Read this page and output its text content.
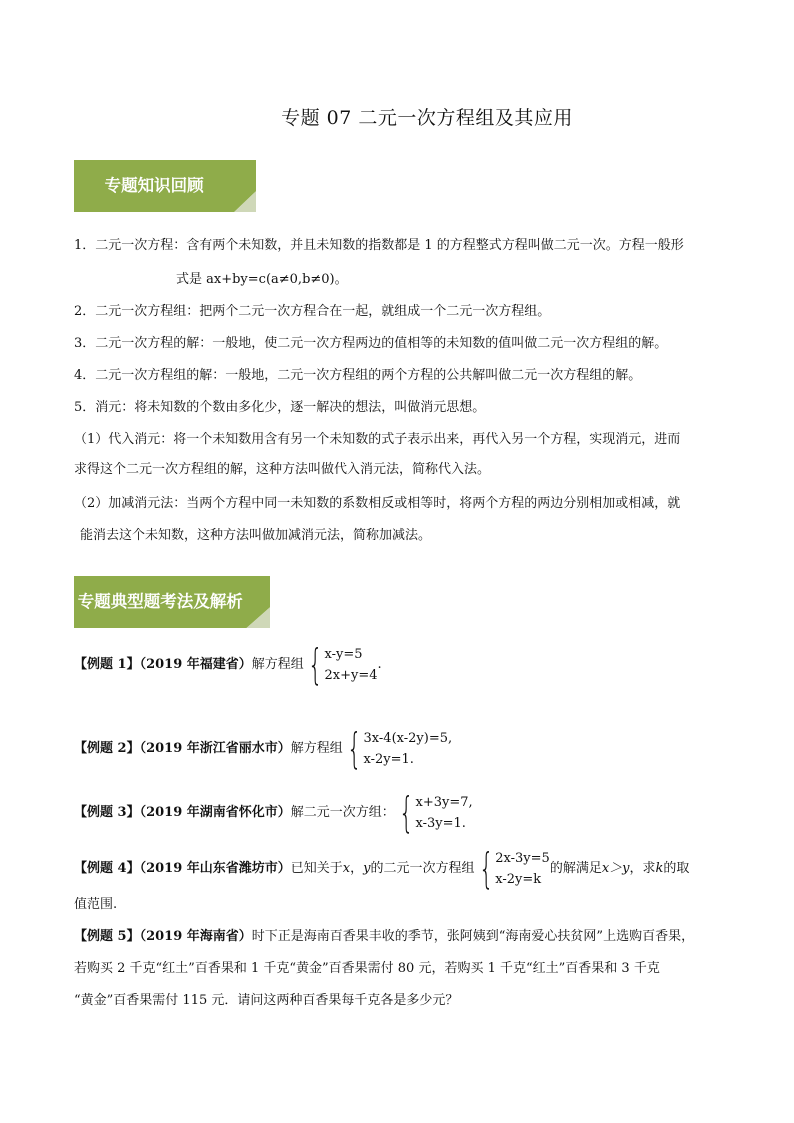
专题 07 二元一次方程组及其应用
专题知识回顾
1．二元一次方程：含有两个未知数，并且未知数的指数都是 1 的方程整式方程叫做二元一次。方程一般形
式是 ax+by=c(a≠0,b≠0)。
2．二元一次方程组：把两个二元一次方程合在一起，就组成一个二元一次方程组。
3．二元一次方程的解：一般地，使二元一次方程两边的值相等的未知数的值叫做二元一次方程组的解。
4．二元一次方程组的解：一般地，二元一次方程组的两个方程的公共解叫做二元一次方程组的解。
5．消元：将未知数的个数由多化少，逐一解决的想法，叫做消元思想。
（1）代入消元：将一个未知数用含有另一个未知数的式子表示出来，再代入另一个方程，实现消元，进而
求得这个二元一次方程组的解，这种方法叫做代入消元法，简称代入法。
（2）加减消元法：当两个方程中同一未知数的系数相反或相等时，将两个方程的两边分别相加或相减，就
能消去这个未知数，这种方法叫做加减消元法，简称加减法。
专题典型题考法及解析
【例题 1】（2019 年福建省） 解方程组 { x-y=5
2x+y=4
.
【例题 2】（2019 年浙江省丽水市） 解方程组 { 3x-4(x-2y)=5,
x-2y=1.
【例题 3】（2019 年湖南省怀化市） 解二元一次方组： { x+3y=7,
x-3y=1.
【例题 4】（2019 年山东省潍坊市） 已知关于 x ， y 的二元一次方程组 { 2x-3y=5
x-2y=k
的解满足 x＞y ，求 k 的取
值范围.
【例题 5】（2019 年海南省）时下正是海南百香果丰收的季节，张阿姨到“海南爱心扶贫网”上选购百香果，
若购买 2 千克“红土”百香果和 1 千克“黄金”百香果需付 80 元，若购买 1 千克“红土”百香果和 3 千克
“黄金”百香果需付 115 元．请问这两种百香果每千克各是多少元？
